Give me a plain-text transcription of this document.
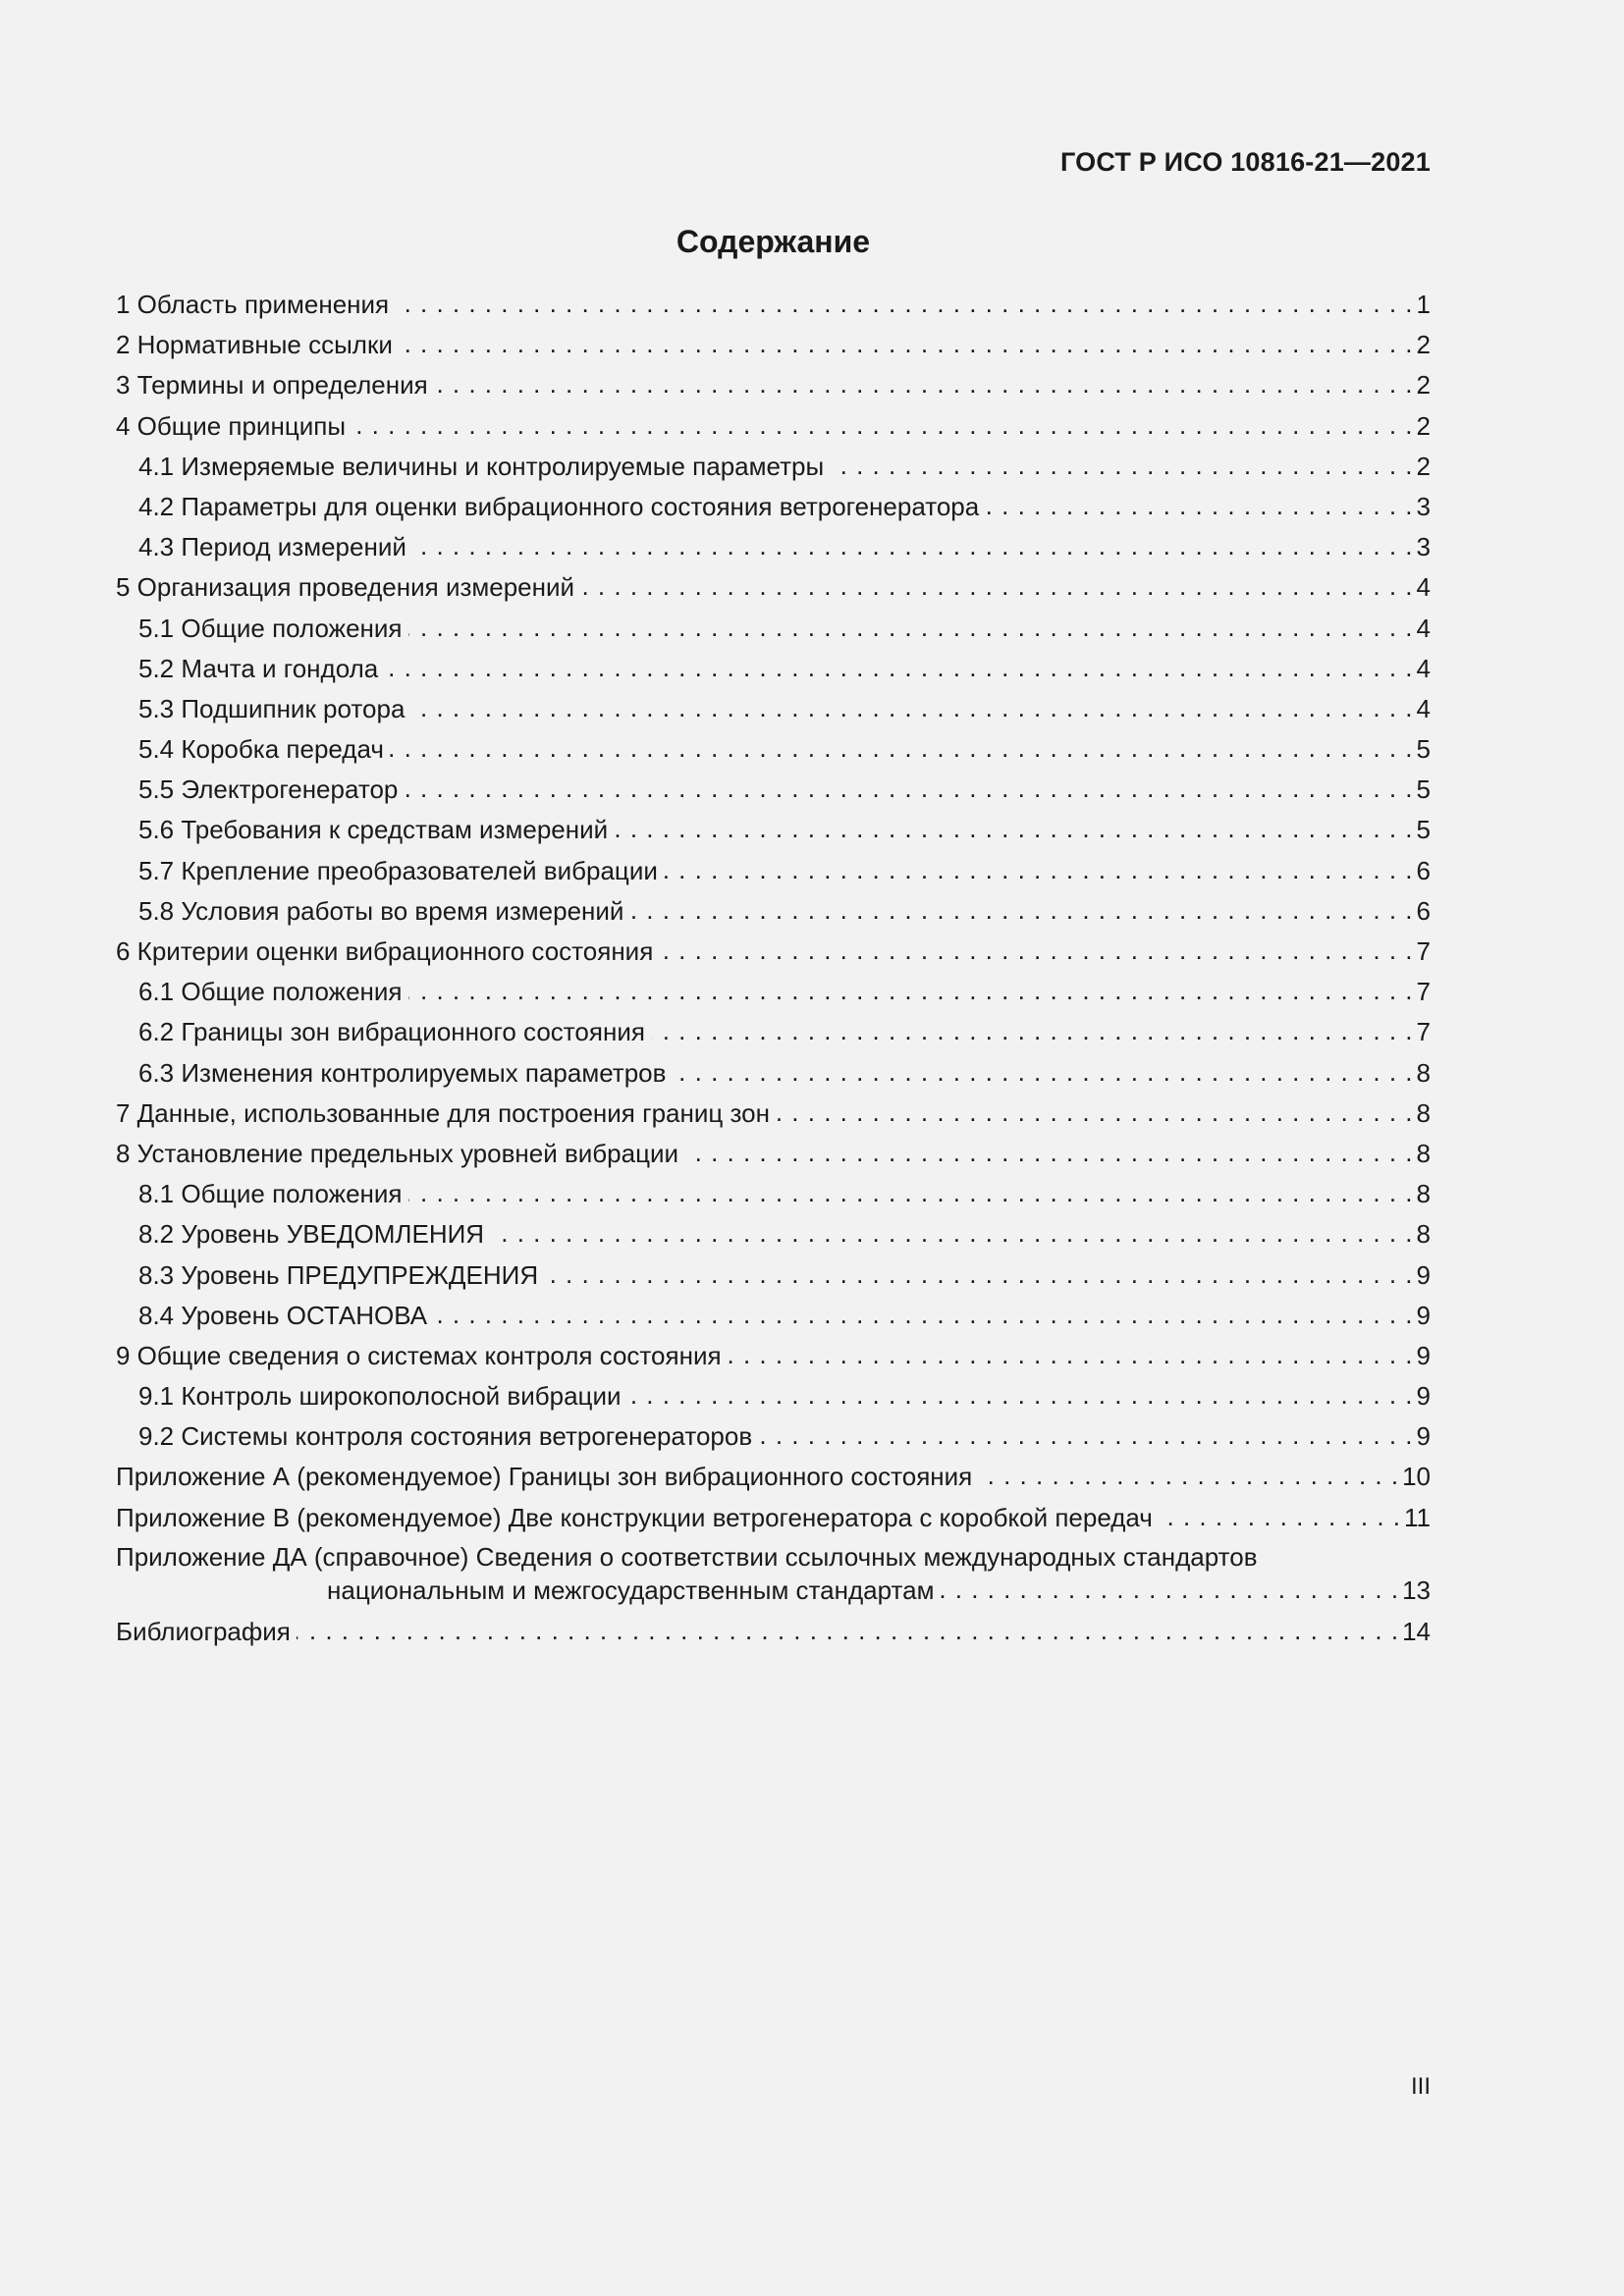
ГОСТ Р ИСО 10816-21—2021
Содержание
1 Область применения . . .	1
2 Нормативные ссылки . . .	2
3 Термины и определения . . .	2
4 Общие принципы . . .	2
4.1 Измеряемые величины и контролируемые параметры . . .	2
4.2 Параметры для оценки вибрационного состояния ветрогенератора . . .	3
4.3 Период измерений . . .	3
5 Организация проведения измерений . . .	4
5.1 Общие положения . . .	4
5.2 Мачта и гондола . . .	4
5.3 Подшипник ротора . . .	4
5.4 Коробка передач . . .	5
5.5 Электрогенератор . . .	5
5.6 Требования к средствам измерений . . .	5
5.7 Крепление преобразователей вибрации . . .	6
5.8 Условия работы во время измерений . . .	6
6 Критерии оценки вибрационного состояния . . .	7
6.1 Общие положения . . .	7
6.2 Границы зон вибрационного состояния . . .	7
6.3 Изменения контролируемых параметров . . .	8
7 Данные, использованные для построения границ зон . . .	8
8 Установление предельных уровней вибрации . . .	8
8.1 Общие положения . . .	8
8.2 Уровень УВЕДОМЛЕНИЯ . . .	8
8.3 Уровень ПРЕДУПРЕЖДЕНИЯ . . .	9
8.4 Уровень ОСТАНОВА . . .	9
9 Общие сведения о системах контроля состояния . . .	9
9.1 Контроль широкополосной вибрации . . .	9
9.2 Системы контроля состояния ветрогенераторов . . .	9
Приложение А (рекомендуемое) Границы зон вибрационного состояния . . .	10
Приложение В (рекомендуемое) Две конструкции ветрогенератора с коробкой передач . . .	11
Приложение ДА (справочное) Сведения о соответствии ссылочных международных стандартов
национальным и межгосударственным стандартам . . .	13
Библиография . . .	14
III
